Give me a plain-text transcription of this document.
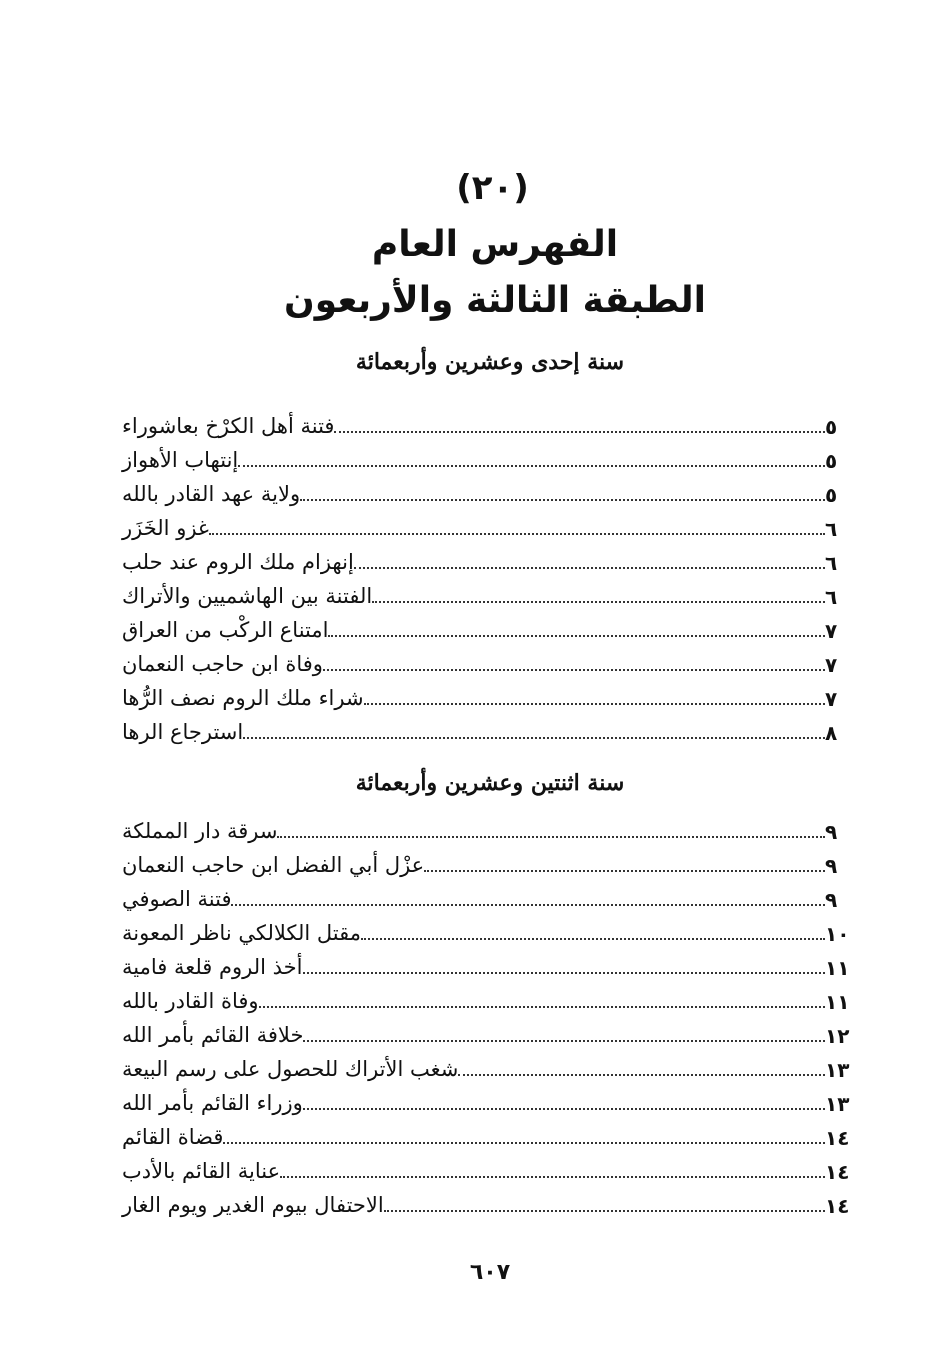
(٢٠)
الفهرس العام
الطبقة الثالثة والأربعون
سنة إحدى وعشرين وأربعمائة
فتنة أهل الكرْخ بعاشوراء	٥
إنتهاب الأهواز	٥
ولاية عهد القادر بالله	٥
غزو الخَزَر	٦
إنهزام ملك الروم عند حلب	٦
الفتنة بين الهاشميين والأتراك	٦
امتناع الركْب من العراق	٧
وفاة ابن حاجب النعمان	٧
شراء ملك الروم نصف الرُّها	٧
استرجاع الرها	٨
سنة اثنتين وعشرين وأربعمائة
سرقة دار المملكة	٩
عزْل أبي الفضل ابن حاجب النعمان	٩
فتنة الصوفي	٩
مقتل الكلالكي ناظر المعونة	١٠
أخذ الروم قلعة فامية	١١
وفاة القادر بالله	١١
خلافة القائم بأمر الله	١٢
شغب الأتراك للحصول على رسم البيعة	١٣
وزراء القائم بأمر الله	١٣
قضاة القائم	١٤
عناية القائم بالأدب	١٤
الاحتفال بيوم الغدير ويوم الغار	١٤
٦٠٧
